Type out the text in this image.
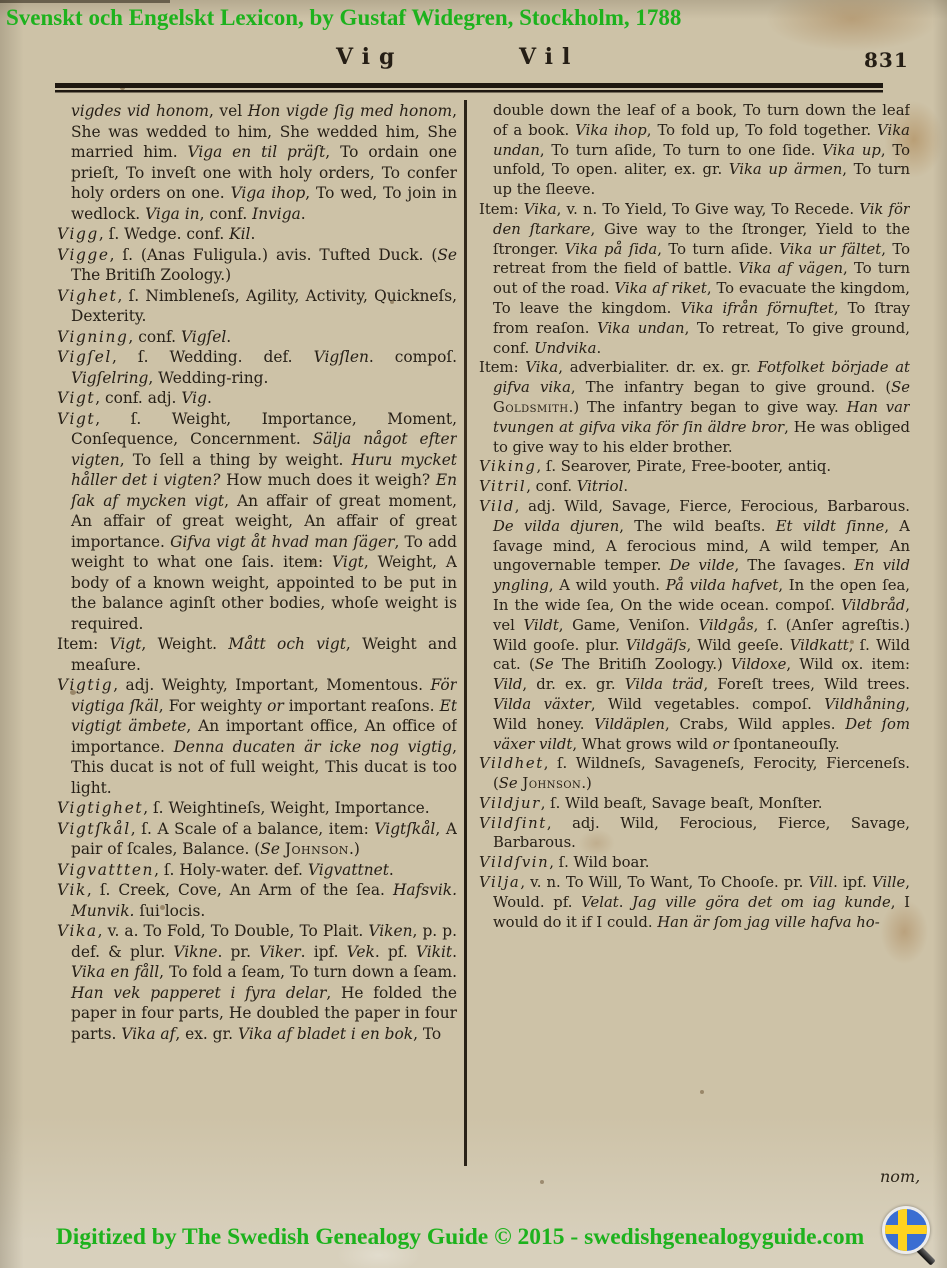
Svenskt och Engelskt Lexicon, by Gustaf Widegren, Stockholm, 1788
Vig	Vil	831

vigdes vid honom, vel Hon vigde ſig med honom, She was wedded to him, She wedded him, She married him. Viga en til präſt, To ordain one prieſt, To inveſt one with holy orders, To confer holy orders on one. Viga ihop, To wed, To join in wedlock. Viga in, conf. Inviga.

Vigg, ſ. Wedge. conf. Kil.

Vigge, ſ. (Anas Fuligula.) avis. Tufted Duck. (Se The Britiſh Zoology.)

Vighet, ſ. Nimbleneſs, Agility, Activity, Quickneſs, Dexterity.

Vigning, conf. Vigſel.

Vigſel, ſ. Wedding. def. Vigſlen. compoſ. Vigſelring, Wedding-ring.

Vigt, conf. adj. Vig.

Vigt, ſ. Weight, Importance, Moment, Conſequence, Concernment. Sälja något efter vigten, To ſell a thing by weight. Huru mycket håller det i vigten? How much does it weigh? En ſak af mycken vigt, An affair of great moment, An affair of great weight, An affair of great importance. Gifva vigt åt hvad man ſäger, To add weight to what one ſais. item: Vigt, Weight, A body of a known weight, appointed to be put in the balance aginſt other bodies, whoſe weight is required.

Item: Vigt, Weight. Mått och vigt, Weight and meaſure.

Vigtig, adj. Weighty, Important, Momentous. För vigtiga ſkäl, For weighty or important reaſons. Et vigtigt ämbete, An important office, An office of importance. Denna ducaten är icke nog vigtig, This ducat is not of full weight, This ducat is too light.

Vigtighet, ſ. Weightineſs, Weight, Importance.

Vigtſkål, ſ. A Scale of a balance, item: Vigtſkål, A pair of ſcales, Balance. (Se Johnson.)

Vigvattten, ſ. Holy-water. def. Vigvattnet.

Vik, ſ. Creek, Cove, An Arm of the ſea. Hafsvik. Munvik. ſui locis.

Vika, v. a. To Fold, To Double, To Plait. Viken, p. p. def. & plur. Vikne. pr. Viker. ipf. Vek. pf. Vikit. Vika en fåll, To fold a ſeam, To turn down a ſeam. Han vek papperet i fyra delar, He folded the paper in four parts, He doubled the paper in four parts. Vika af, ex. gr. Vika af bladet i en bok, To

double down the leaf of a book, To turn down the leaf of a book. Vika ihop, To fold up, To fold together. Vika undan, To turn aſide, To turn to one ſide. Vika up, To unfold, To open. aliter, ex. gr. Vika up ärmen, To turn up the ſleeve.

Item: Vika, v. n. To Yield, To Give way, To Recede. Vik för den ſtarkare, Give way to the ſtronger, Yield to the ſtronger. Vika på ſida, To turn aſide. Vika ur fältet, To retreat from the field of battle. Vika af vägen, To turn out of the road. Vika af riket, To evacuate the kingdom, To leave the kingdom. Vika ifrån förnuftet, To ſtray from reaſon. Vika undan, To retreat, To give ground, conf. Undvika.

Item: Vika, adverbialiter. dr. ex. gr. Fotfolket började at gifva vika, The infantry began to give ground. (Se Goldsmith.) The infantry began to give way. Han var tvungen at gifva vika för ſin äldre bror, He was obliged to give way to his elder brother.

Viking, ſ. Searover, Pirate, Free-booter, antiq.

Vitril, conf. Vitriol.

Vild, adj. Wild, Savage, Fierce, Ferocious, Barbarous. De vilda djuren, The wild beaſts. Et vildt ſinne, A ſavage mind, A ferocious mind, A wild temper, An ungovernable temper. De vilde, The ſavages. En vild yngling, A wild youth. På vilda hafvet, In the open ſea, In the wide ſea, On the wide ocean. compoſ. Vildbråd, vel Vildt, Game, Veniſon. Vildgås, ſ. (Anſer agreſtis.) Wild gooſe. plur. Vildgäſs, Wild geeſe. Vildkatt, ſ. Wild cat. (Se The Britiſh Zoology.) Vildoxe, Wild ox. item: Vild, dr. ex. gr. Vilda träd, Foreſt trees, Wild trees. Vilda växter, Wild vegetables. compoſ. Vildhåning, Wild honey. Vildäplen, Crabs, Wild apples. Det ſom växer vildt, What grows wild or ſpontaneouſly.

Vildhet, ſ. Wildneſs, Savageneſs, Ferocity, Fierceneſs. (Se Johnson.)

Vildjur, ſ. Wild beaſt, Savage beaſt, Monſter.

Vildſint, adj. Wild, Ferocious, Fierce, Savage, Barbarous.

Vildſvin, ſ. Wild boar.

Vilja, v. n. To Will, To Want, To Chooſe. pr. Vill. ipf. Ville, Would. pf. Velat. Jag ville göra det om iag kunde, I would do it if I could. Han är ſom jag ville hafva ho-

nom,
Digitized by The Swedish Genealogy Guide © 2015 - swedishgenealogyguide.com
